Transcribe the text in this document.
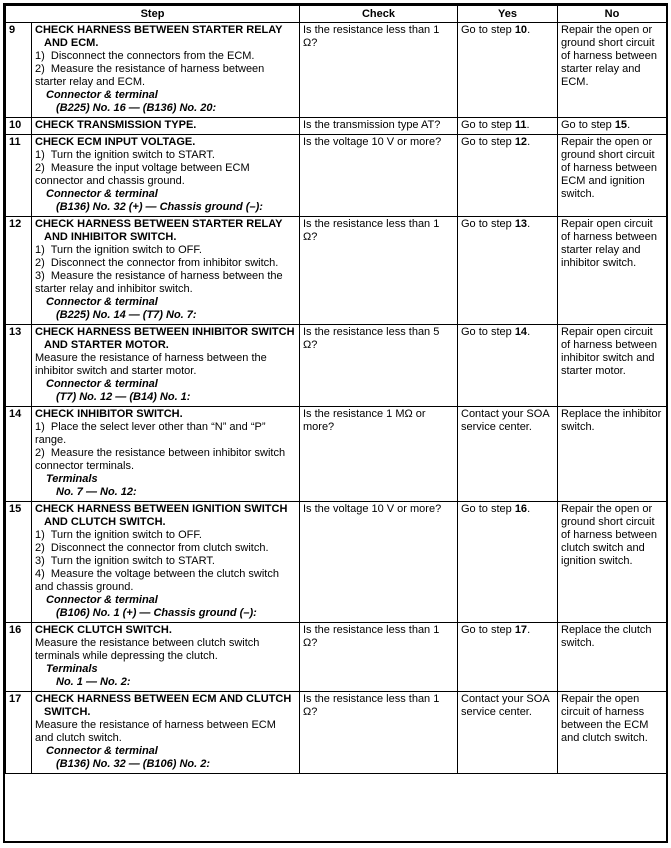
Step		Check	Yes	No
9	CHECK HARNESS BETWEEN STARTER RELAY AND ECM.
1)  Disconnect the connectors from the ECM.
2)  Measure the resistance of harness between starter relay and ECM.
Connector & terminal
(B225) No. 16 — (B136) No. 20:	Is the resistance less than 1 Ω?	Go to step 10.	Repair the open or ground short circuit of harness between starter relay and ECM.
10	CHECK TRANSMISSION TYPE.	Is the transmission type AT?	Go to step 11.	Go to step 15.
11	CHECK ECM INPUT VOLTAGE.
1)  Turn the ignition switch to START.
2)  Measure the input voltage between ECM connector and chassis ground.
Connector & terminal
(B136) No. 32 (+) — Chassis ground (–):	Is the voltage 10 V or more?	Go to step 12.	Repair the open or ground short circuit of harness between ECM and ignition switch.
12	CHECK HARNESS BETWEEN STARTER RELAY AND INHIBITOR SWITCH.
1)  Turn the ignition switch to OFF.
2)  Disconnect the connector from inhibitor switch.
3)  Measure the resistance of harness between the starter relay and inhibitor switch.
Connector & terminal
(B225) No. 14 — (T7) No. 7:
	Is the resistance less than 1 Ω?	Go to step 13.	Repair open circuit of harness between starter relay and inhibitor switch.
13	CHECK HARNESS BETWEEN INHIBITOR SWITCH AND STARTER MOTOR.
Measure the resistance of harness between the inhibitor switch and starter motor.
Connector & terminal
(T7) No. 12 — (B14) No. 1:	Is the resistance less than 5 Ω?	Go to step 14.	Repair open circuit of harness between inhibitor switch and starter motor.
14	CHECK INHIBITOR SWITCH.
1)  Place the select lever other than “N” and “P” range.
2)  Measure the resistance between inhibitor switch connector terminals.
Terminals
No. 7 — No. 12:	Is the resistance 1 MΩ or more?	Contact your SOA service center.	Replace the inhibitor switch.
15	CHECK HARNESS BETWEEN IGNITION SWITCH AND CLUTCH SWITCH.
1)  Turn the ignition switch to OFF.
2)  Disconnect the connector from clutch switch.
3)  Turn the ignition switch to START.
4)  Measure the voltage between the clutch switch and chassis ground.
Connector & terminal
(B106) No. 1 (+) — Chassis ground (–):
	Is the voltage 10 V or more?	Go to step 16.	Repair the open or ground short circuit of harness between clutch switch and ignition switch.
16	CHECK CLUTCH SWITCH.
Measure the resistance between clutch switch terminals while depressing the clutch.
Terminals
No. 1 — No. 2:	Is the resistance less than 1 Ω?	Go to step 17.	Replace the clutch switch.
17	CHECK HARNESS BETWEEN ECM AND CLUTCH SWITCH.
Measure the resistance of harness between ECM and clutch switch.
Connector & terminal
(B136) No. 32 — (B106) No. 2:	Is the resistance less than 1 Ω?	Contact your SOA service center.	Repair the open circuit of harness between the ECM and clutch switch.
